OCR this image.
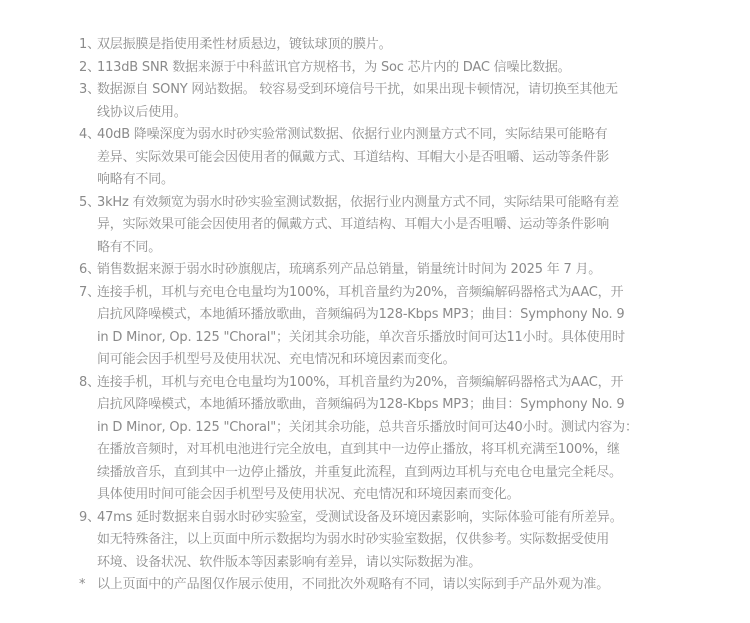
1、
双层振膜是指使用柔性材质悬边，镀钛球顶的膜片。
2、
113dB SNR 数据来源于中科蓝讯官方规格书，为 Soc 芯片内的 DAC 信噪比数据。
3、
数据源自 SONY 网站数据。 较容易受到环境信号干扰，如果出现卡顿情况，请切换至其他无
线协议后使用。
4、
40dB 降噪深度为弱水时砂实验常测试数据、依据行业内测量方式不同，实际结果可能略有
差异、实际效果可能会因使用者的佩戴方式、耳道结构、耳帽大小是否咀嚼、运动等条件影
响略有不同。
5、
3kHz 有效频宽为弱水时砂实验室测试数据，依据行业内测量方式不同，实际结果可能略有差
异，实际效果可能会因使用者的佩戴方式、耳道结构、耳帽大小是否咀嚼、运动等条件影响
略有不同。
6、
销售数据来源于弱水时砂旗舰店，琉璃系列产品总销量，销量统计时间为 2025 年 7 月。
7、
连接手机，耳机与充电仓电量均为100%，耳机音量约为20%，音频编解码器格式为AAC，开
启抗风降噪模式，本地循环播放歌曲，音频编码为128-Kbps MP3；曲目：Symphony No. 9
in D Minor, Op. 125 "Choral"；关闭其余功能，单次音乐播放时间可达11小时。具体使用时
间可能会因手机型号及使用状况、充电情况和环境因素而变化。
8、
连接手机，耳机与充电仓电量均为100%，耳机音量约为20%，音频编解码器格式为AAC，开
启抗风降噪模式，本地循环播放歌曲，音频编码为128-Kbps MP3；曲目：Symphony No. 9
in D Minor, Op. 125 "Choral"；关闭其余功能，总共音乐播放时间可达40小时。测试内容为：
在播放音频时，对耳机电池进行完全放电，直到其中一边停止播放，将耳机充满至100%，继
续播放音乐，直到其中一边停止播放，并重复此流程，直到两边耳机与充电仓电量完全耗尽。
具体使用时间可能会因手机型号及使用状况、充电情况和环境因素而变化。
9、
47ms 延时数据来自弱水时砂实验室，受测试设备及环境因素影响，实际体验可能有所差异。
如无特殊备注，以上页面中所示数据均为弱水时砂实验室数据，仅供参考。实际数据受使用
环境、设备状况、软件版本等因素影响有差异，请以实际数据为准。
* 以上页面中的产品图仅作展示使用，不同批次外观略有不同，请以实际到手产品外观为准。
